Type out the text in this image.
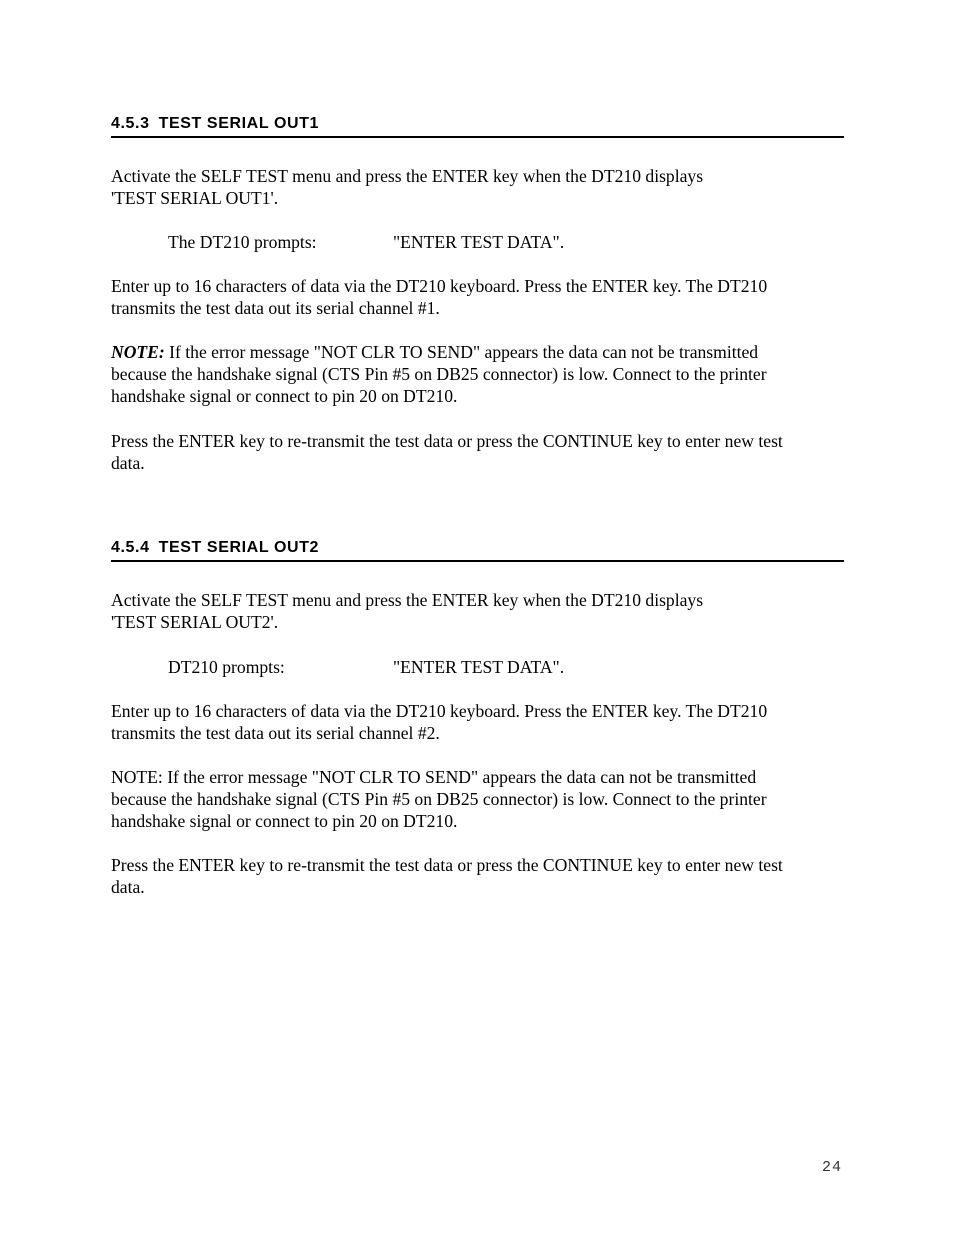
4.5.3 TEST SERIAL OUT1

Activate the SELF TEST menu and press the ENTER key when the DT210 displays
'TEST SERIAL OUT1'.

The DT210 prompts:	"ENTER TEST DATA".

Enter up to 16 characters of data via the DT210 keyboard. Press the ENTER key. The DT210
transmits the test data out its serial channel #1.

NOTE: If the error message "NOT CLR TO SEND" appears the data can not be transmitted
because the handshake signal (CTS Pin #5 on DB25 connector) is low. Connect to the printer
handshake signal or connect to pin 20 on DT210.

Press the ENTER key to re-transmit the test data or press the CONTINUE key to enter new test
data.

4.5.4 TEST SERIAL OUT2

Activate the SELF TEST menu and press the ENTER key when the DT210 displays
'TEST SERIAL OUT2'.

DT210 prompts:	"ENTER TEST DATA".

Enter up to 16 characters of data via the DT210 keyboard. Press the ENTER key. The DT210
transmits the test data out its serial channel #2.

NOTE: If the error message "NOT CLR TO SEND" appears the data can not be transmitted
because the handshake signal (CTS Pin #5 on DB25 connector) is low. Connect to the printer
handshake signal or connect to pin 20 on DT210.

Press the ENTER key to re-transmit the test data or press the CONTINUE key to enter new test
data.

24
